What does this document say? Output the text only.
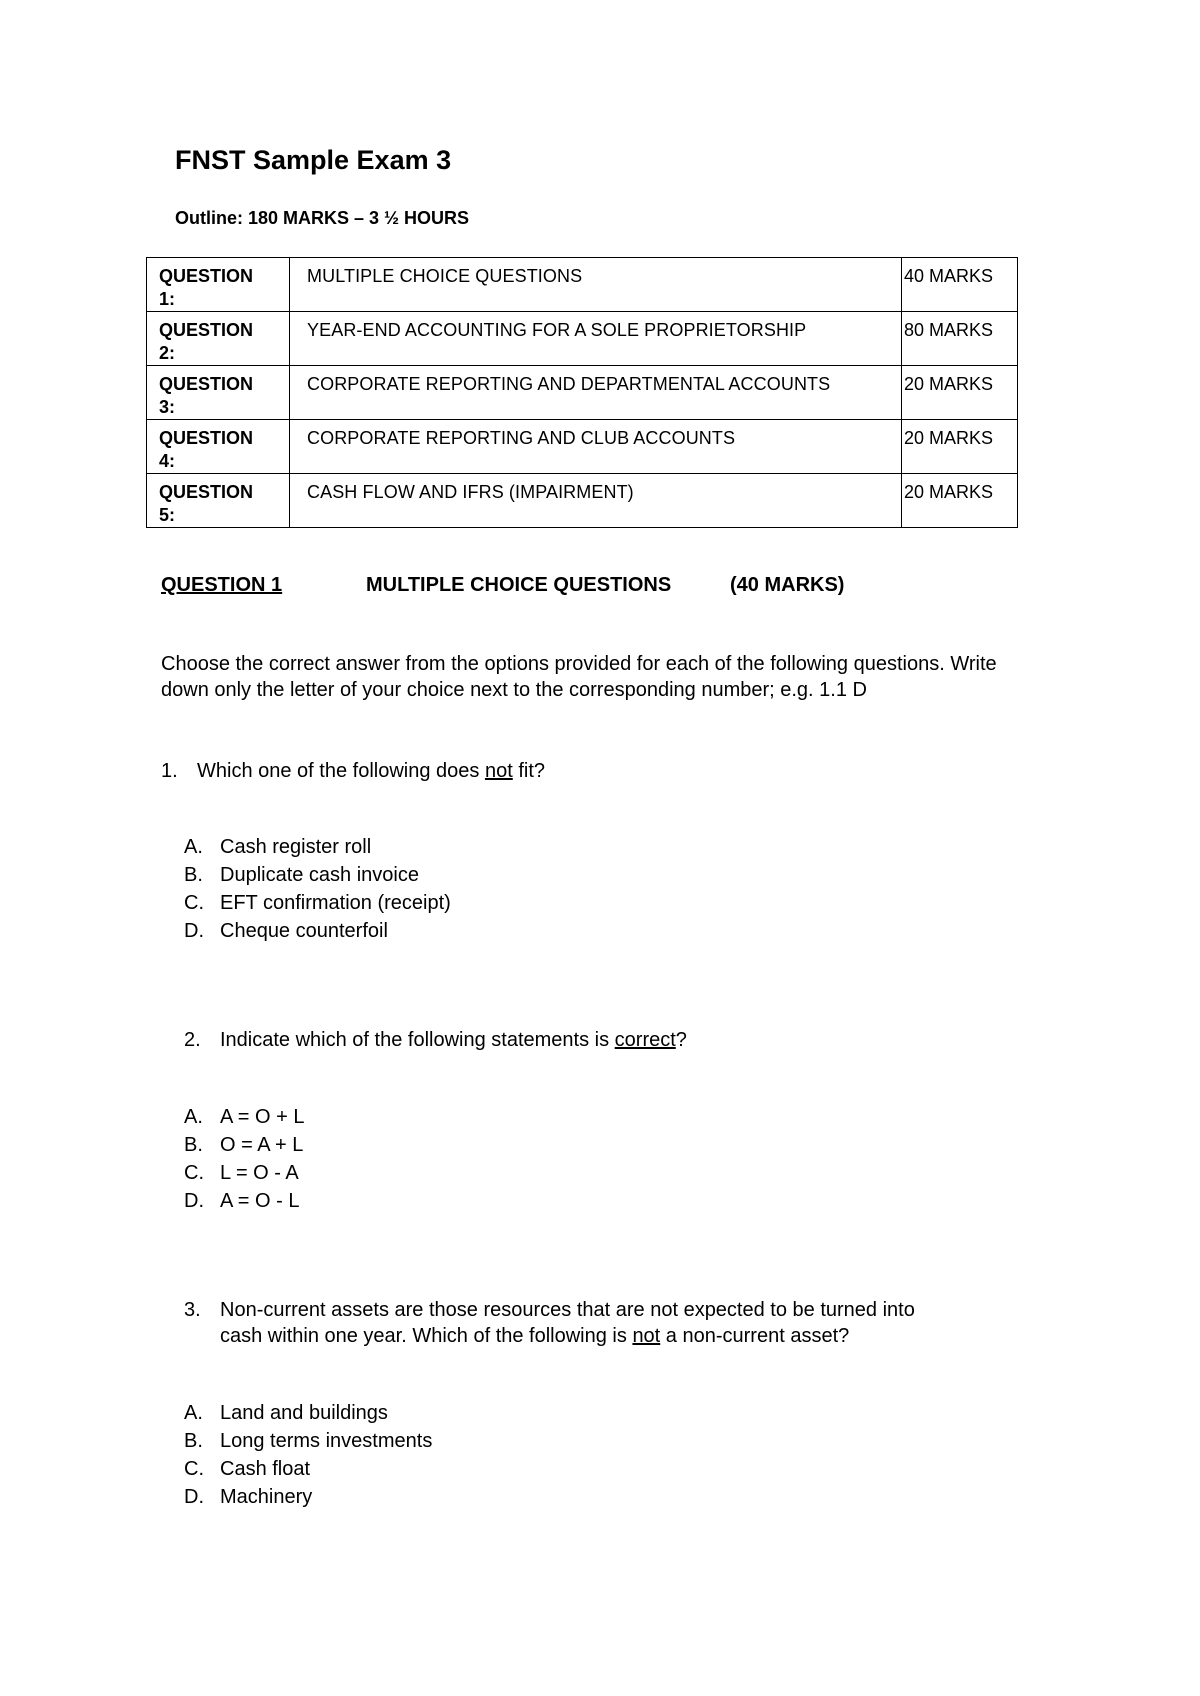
FNST Sample Exam 3

Outline: 180 MARKS – 3 ½ HOURS

QUESTION
1:	MULTIPLE CHOICE QUESTIONS	40 MARKS
QUESTION
2:	YEAR-END ACCOUNTING FOR A SOLE PROPRIETORSHIP	80 MARKS
QUESTION
3:	CORPORATE REPORTING AND DEPARTMENTAL ACCOUNTS	20 MARKS
QUESTION
4:	CORPORATE REPORTING AND CLUB ACCOUNTS	20 MARKS
QUESTION
5:	CASH FLOW AND IFRS (IMPAIRMENT)	20 MARKS

QUESTION 1	MULTIPLE CHOICE QUESTIONS	(40 MARKS)

Choose the correct answer from the options provided for each of the following questions. Write
down only the letter of your choice next to the corresponding number; e.g. 1.1 D

1. Which one of the following does not fit?

A. Cash register roll

B. Duplicate cash invoice

C. EFT confirmation (receipt)

D. Cheque counterfoil

2. Indicate which of the following statements is correct?

A. A = O + L

B. O = A + L

C. L = O - A

D. A = O - L

3. Non-current assets are those resources that are not expected to be turned into
cash within one year. Which of the following is not a non-current asset?

A. Land and buildings

B. Long terms investments

C. Cash float

D. Machinery
